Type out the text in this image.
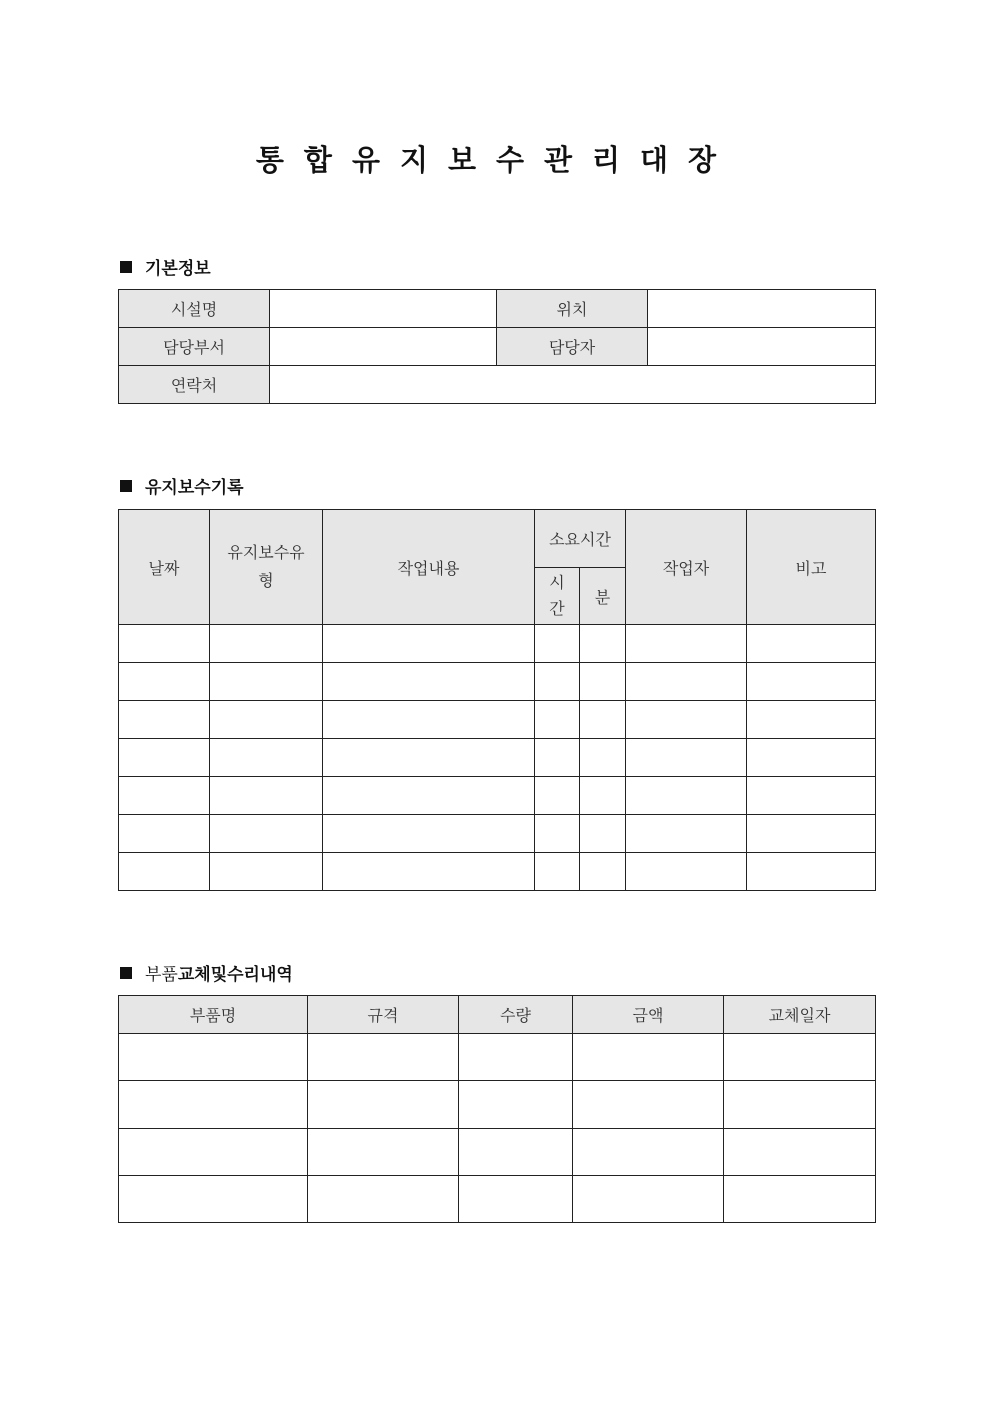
통합유지보수관리대장
기본정보
시설명		위치	
담당부서		담당자	
연락처			
유지보수기록
날짜	유지보수유형	작업내용	소요시간		작업자	비고
			시간	분		

부품 교체및수리내역
부품명	규격	수량	금액	교체일자
